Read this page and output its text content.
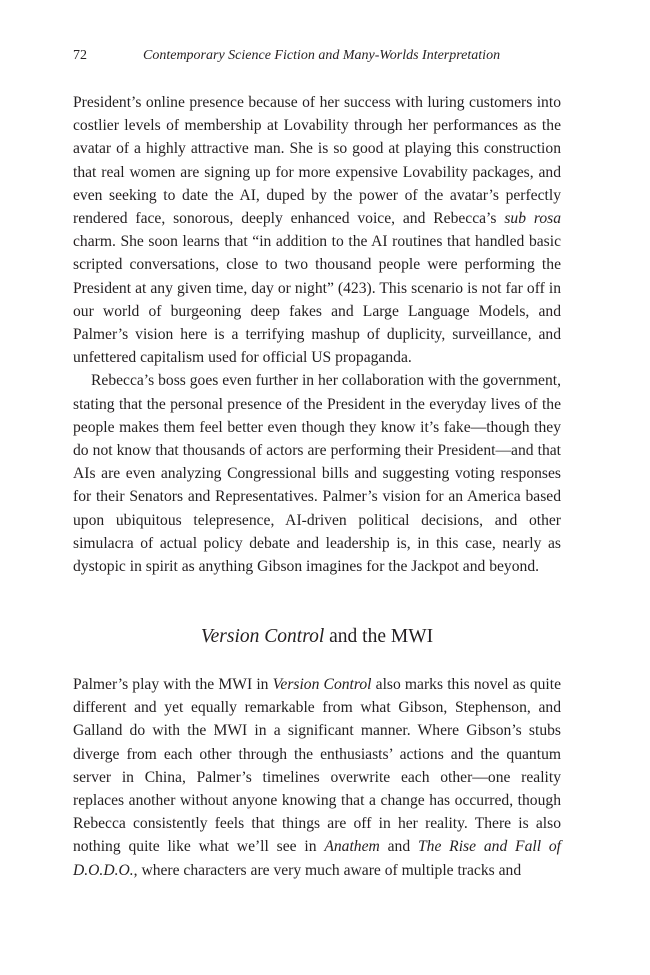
72	Contemporary Science Fiction and Many-Worlds Interpretation

President’s online presence because of her success with luring customers into costlier levels of membership at Lovability through her performances as the avatar of a highly attractive man. She is so good at playing this construction that real women are signing up for more expensive Lovability packages, and even seeking to date the AI, duped by the power of the avatar’s perfectly rendered face, sonorous, deeply enhanced voice, and Rebecca’s sub rosa charm. She soon learns that “in addition to the AI routines that handled basic scripted conversations, close to two thousand people were performing the President at any given time, day or night” (423). This scenario is not far off in our world of burgeoning deep fakes and Large Language Models, and Palmer’s vision here is a terrifying mashup of duplicity, surveillance, and unfettered capitalism used for official US propaganda.

Rebecca’s boss goes even further in her collaboration with the government, stating that the personal presence of the President in the everyday lives of the people makes them feel better even though they know it’s fake—though they do not know that thousands of actors are performing their President—and that AIs are even analyzing Congressional bills and suggesting voting responses for their Senators and Representatives. Palmer’s vision for an America based upon ubiquitous telepresence, AI-driven political decisions, and other simulacra of actual policy debate and leadership is, in this case, nearly as dystopic in spirit as anything Gibson imagines for the Jackpot and beyond.

Version Control and the MWI

Palmer’s play with the MWI in Version Control also marks this novel as quite different and yet equally remarkable from what Gibson, Stephenson, and Galland do with the MWI in a significant manner. Where Gibson’s stubs diverge from each other through the enthusiasts’ actions and the quantum server in China, Palmer’s timelines overwrite each other—one reality replaces another without anyone knowing that a change has occurred, though Rebecca consistently feels that things are off in her reality. There is also nothing quite like what we’ll see in Anathem and The Rise and Fall of D.O.D.O., where characters are very much aware of multiple tracks and
